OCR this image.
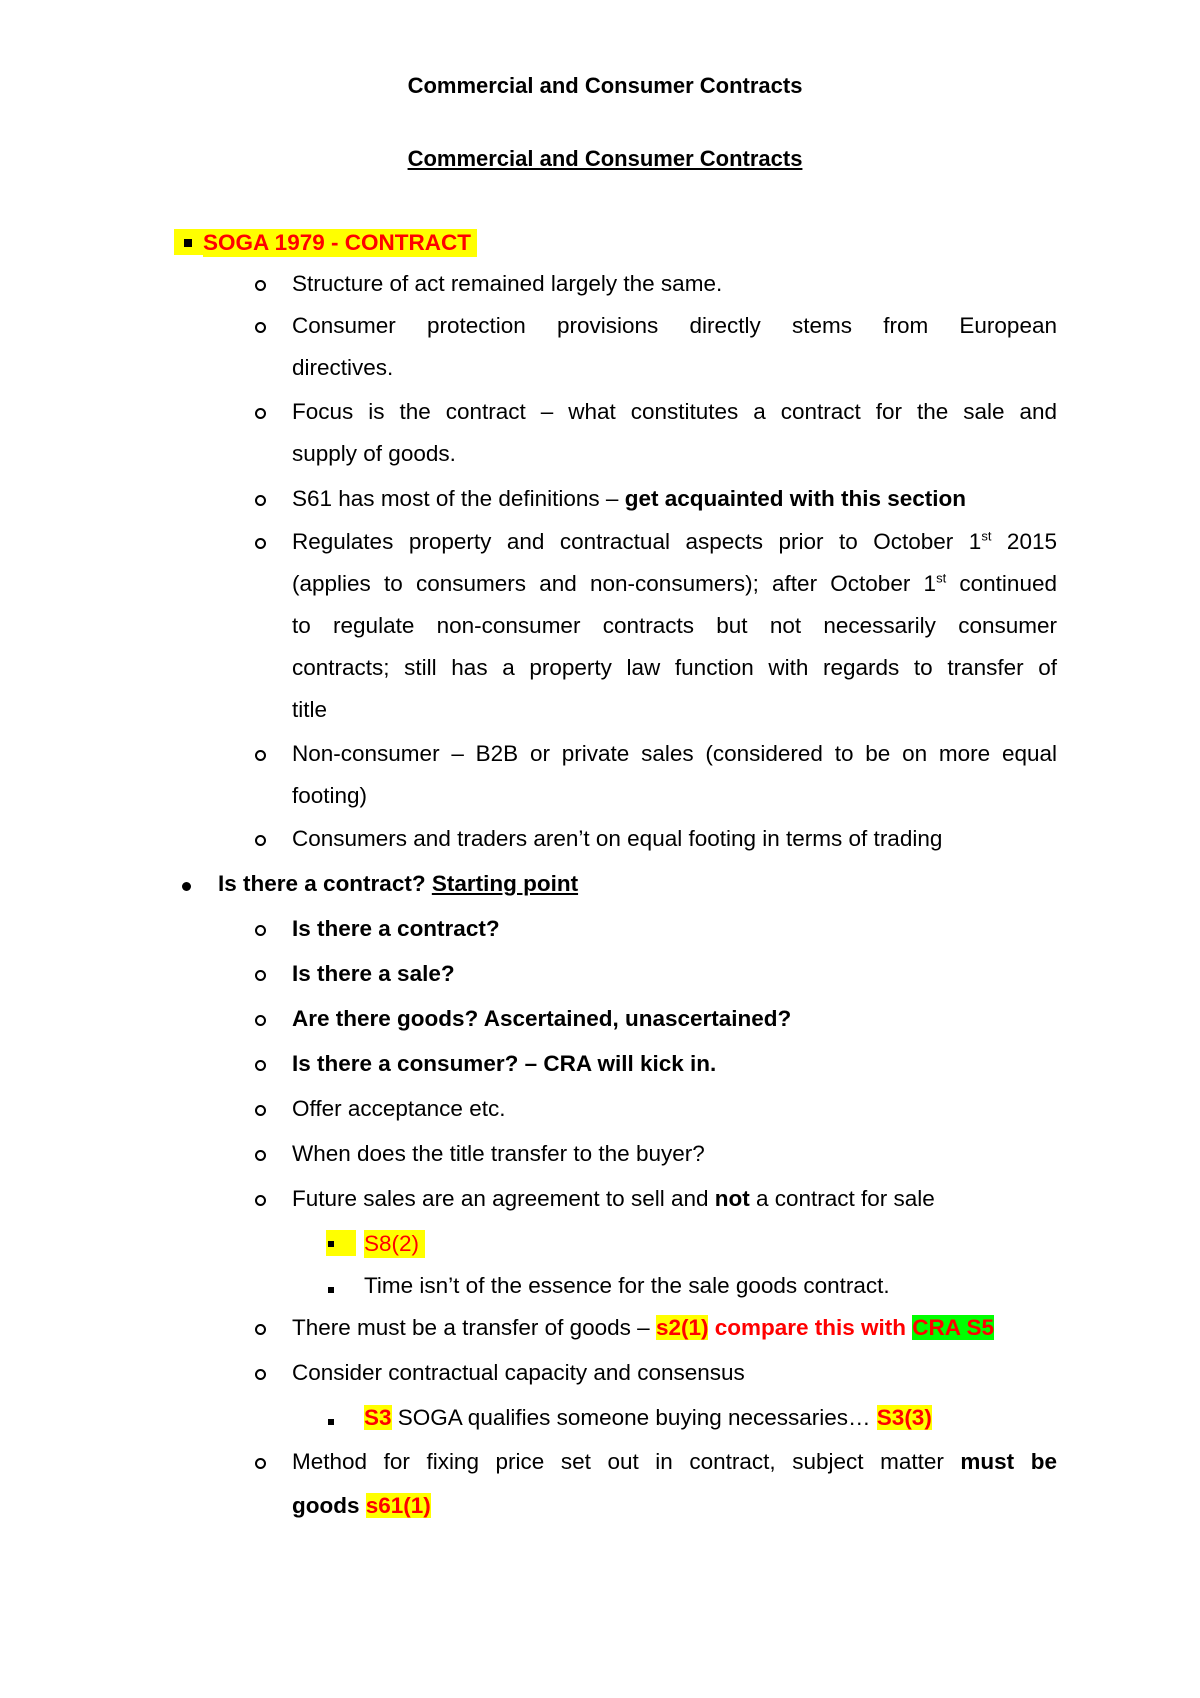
Commercial and Consumer Contracts
Commercial and Consumer Contracts
SOGA 1979 - CONTRACT
Structure of act remained largely the same.
Consumer protection provisions directly stems from European
directives.
Focus is the contract – what constitutes a contract for the sale and
supply of goods.
S61 has most of the definitions – get acquainted with this section
Regulates property and contractual aspects prior to October 1st 2015
(applies to consumers and non-consumers); after October 1st continued
to regulate non-consumer contracts but not necessarily consumer
contracts; still has a property law function with regards to transfer of
title
Non-consumer – B2B or private sales (considered to be on more equal
footing)
Consumers and traders aren’t on equal footing in terms of trading
Is there a contract? Starting point
Is there a contract?
Is there a sale?
Are there goods? Ascertained, unascertained?
Is there a consumer? – CRA will kick in.
Offer acceptance etc.
When does the title transfer to the buyer?
Future sales are an agreement to sell and not a contract for sale
S8(2)
Time isn’t of the essence for the sale goods contract.
There must be a transfer of goods – s2(1) compare this with CRA S5
Consider contractual capacity and consensus
S3 SOGA qualifies someone buying necessaries… S3(3)
Method for fixing price set out in contract, subject matter must be
goods s61(1)
